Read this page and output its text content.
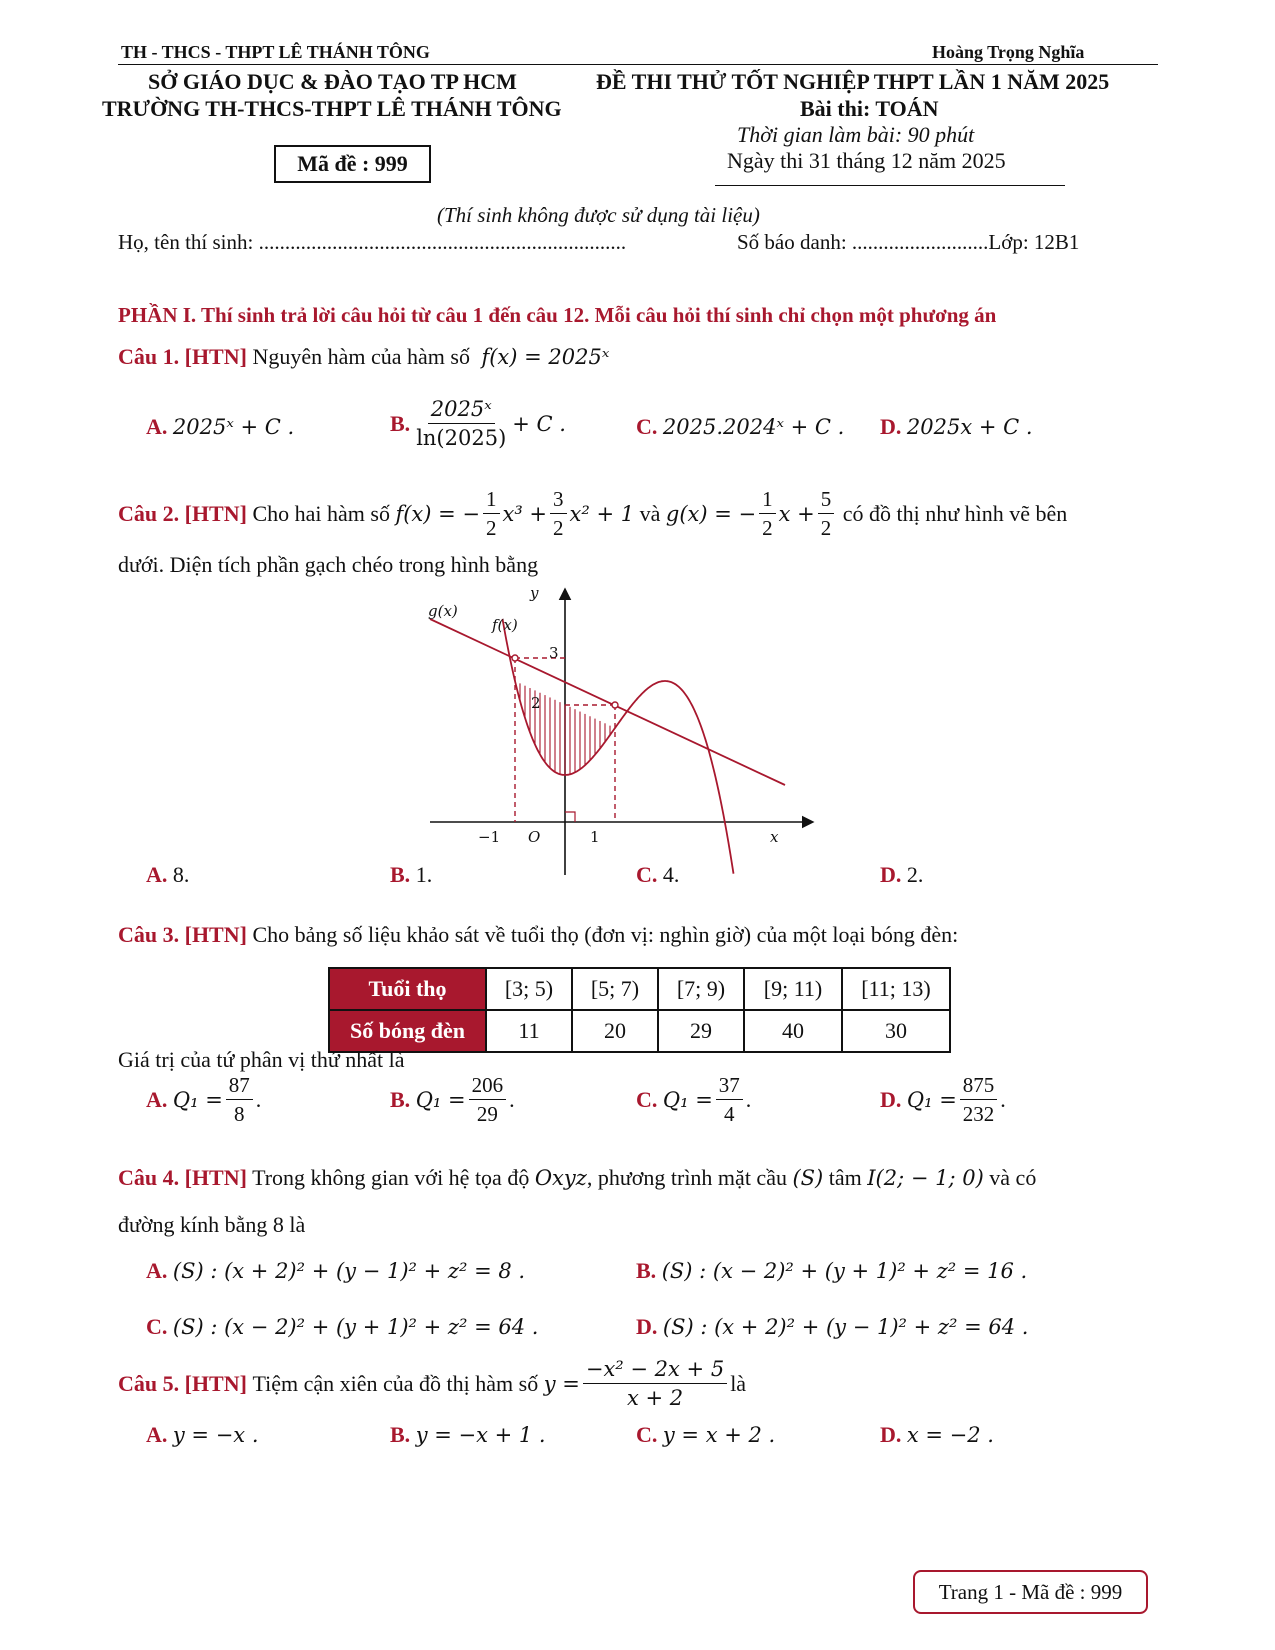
TH - THCS - THPT LÊ THÁNH TÔNG	Hoàng Trọng Nghĩa
SỞ GIÁO DỤC & ĐÀO TẠO TP HCM
TRƯỜNG TH-THCS-THPT LÊ THÁNH TÔNG
Mã đề : 999
ĐỀ THI THỬ TỐT NGHIỆP THPT LẦN 1 NĂM 2025
Bài thi: TOÁN
Thời gian làm bài: 90 phút
Ngày thi 31 tháng 12 năm 2025
(Thí sinh không được sử dụng tài liệu)
Họ, tên thí sinh: ......................................................................	Số báo danh: ..........................Lớp: 12B1
PHẦN I. Thí sinh trả lời câu hỏi từ câu 1 đến câu 12. Mỗi câu hỏi thí sinh chỉ chọn một phương án
Câu 1. [HTN] Nguyên hàm của hàm số f(x) = 2025ˣ
A. 2025ˣ + C .	B. $\frac{\text{2025ˣ}}{\ln(2025)} + C$ .	C. 2025.2024ˣ + C . D. 2025x + C .
Câu 2. [HTN]
Cho hai hàm số
f(x) = − $\frac{1}{2} x^3 + \frac{3}{2} x^2 + 1$
và
g(x) = − $\frac{1}{2}$ $x + \frac{5}{2}$
có đồ thị như hình vẽ bên
dưới. Diện tích phần gạch chéo trong hình bằng
g(x)
f(x)
y
x
O
−1	1
2
3
A. 8.	B. 1.	C. 4.	D. 2.
Câu 3. [HTN] Cho bảng số liệu khảo sát về tuổi thọ (đơn vị: nghìn giờ) của một loại bóng đèn:
Tuổi thọ	[3; 5)	[5; 7)	[7; 9)	[9; 11)	[11; 13)
Số bóng đèn	11	20	29	40	30
Giá trị của tứ phân vị thứ nhất là
A.
$Q_1 = \frac{87}{8}$ .	B.
$Q_1 = \frac{206}{29}$ .	C.
$Q_1 = \frac{37}{4}$ .	D.
$Q_1 = \frac{875}{232}$ .
Câu 4. [HTN] Trong không gian với hệ tọa độ Oxyz, phương trình mặt cầu (S) tâm I(2; − 1; 0) và có
đường kính bằng 8 là
A. (S) : (x + 2)² + (y − 1)² + z² = 8 .	B. (S) : (x − 2)² + (y + 1)² + z² = 16 .
C. (S) : (x − 2)² + (y + 1)² + z² = 64 .	D. (S) : (x + 2)² + (y − 1)² + z² = 64 .
Câu 5. [HTN]
Tiệm cận xiên của đồ thị hàm số
$y = \frac{\text{−x² − 2x + 5}}{x + 2}$ là
A. y = −x .	B. y = −x + 1 .	C. y = x + 2 .	D. x = −2 .
Trang 1 - Mã đề : 999
